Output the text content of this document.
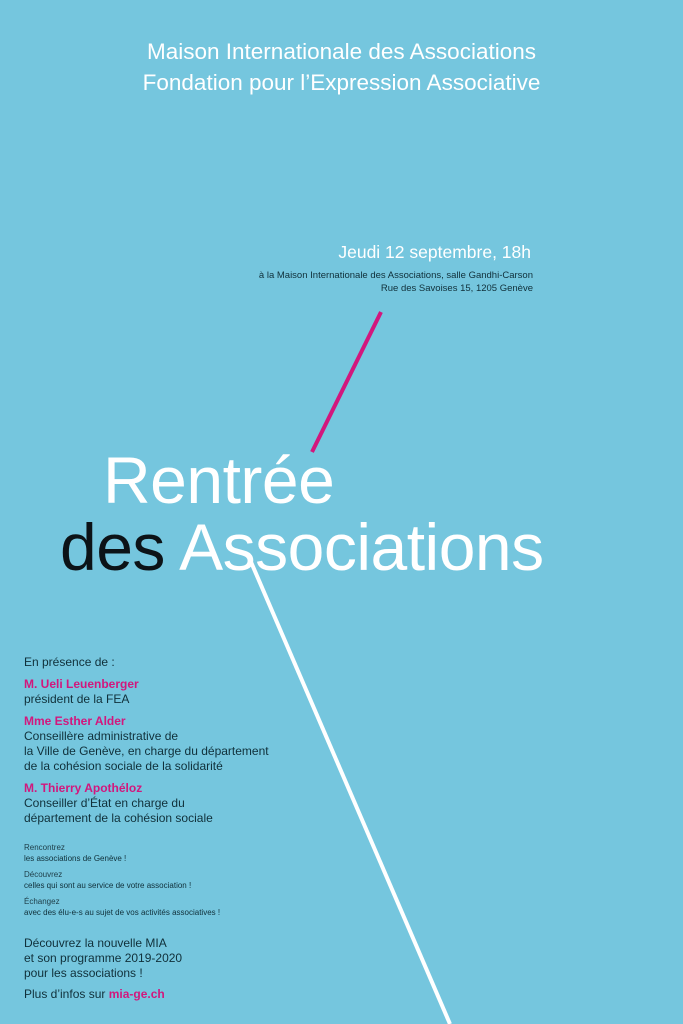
Maison Internationale des Associations
Fondation pour l’Expression Associative
Jeudi 12 septembre, 18h
à la Maison Internationale des Associations, salle Gandhi-Carson
Rue des Savoises 15, 1205 Genève
Rentrée
des Associations
En présence de :
M. Ueli Leuenberger
président de la FEA
Mme Esther Alder
Conseillère administrative de
la Ville de Genève, en charge du département
de la cohésion sociale de la solidarité
M. Thierry Apothéloz
Conseiller d’État en charge du
département de la cohésion sociale
Rencontrez
les associations de Genève !
Découvrez
celles qui sont au service de votre association !
Échangez
avec des élu-e-s au sujet de vos activités associatives !
Découvrez la nouvelle MIA
et son programme 2019-2020
pour les associations !
Plus d’infos sur mia-ge.ch
